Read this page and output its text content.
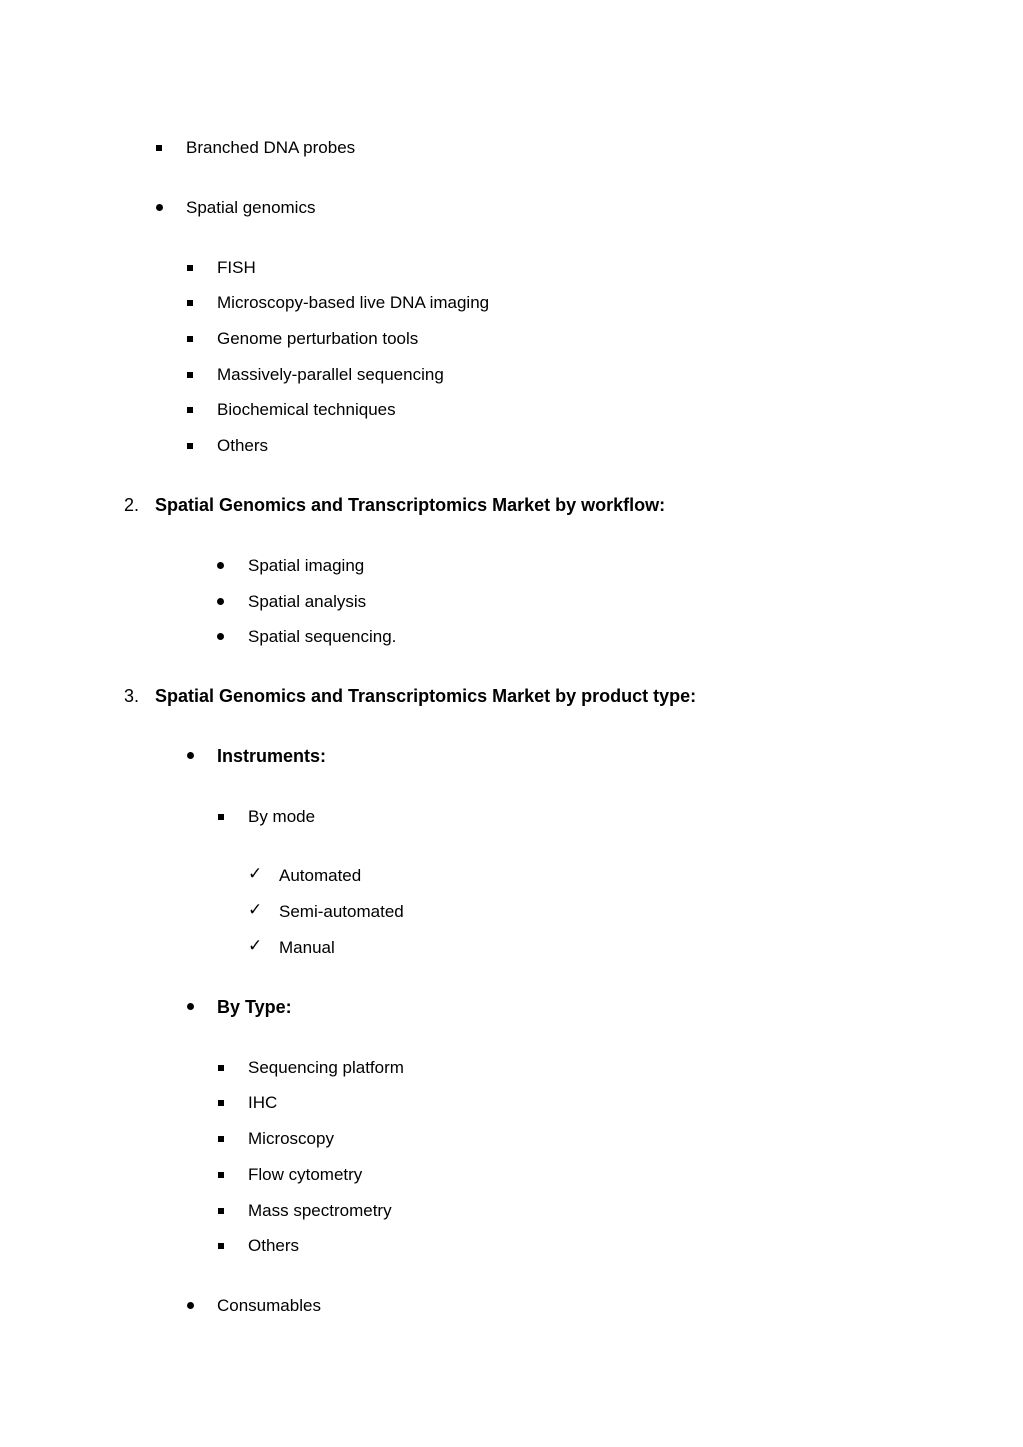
Branched DNA probes
Spatial genomics
FISH
Microscopy-based live DNA imaging
Genome perturbation tools
Massively-parallel sequencing
Biochemical techniques
Others
2. Spatial Genomics and Transcriptomics Market by workflow:
Spatial imaging
Spatial analysis
Spatial sequencing.
3. Spatial Genomics and Transcriptomics Market by product type:
Instruments:
By mode
✓ Automated
✓ Semi-automated
✓ Manual
By Type:
Sequencing platform
IHC
Microscopy
Flow cytometry
Mass spectrometry
Others
Consumables
